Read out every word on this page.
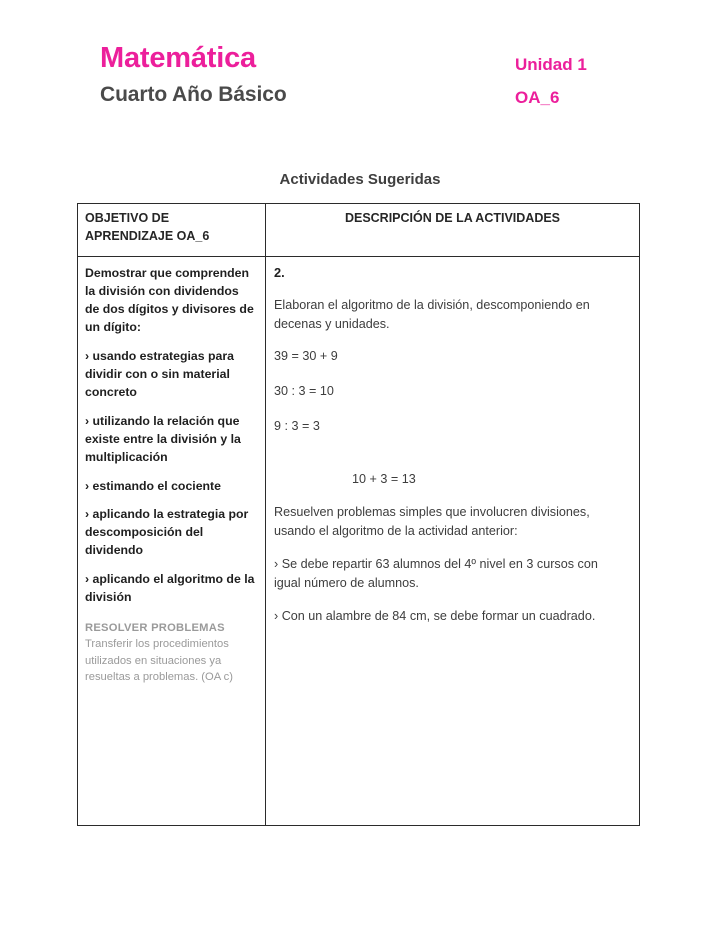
Matemática
Cuarto Año Básico
Unidad 1
OA_6
Actividades Sugeridas
OBJETIVO DE APRENDIZAJE OA_6
DESCRIPCIÓN DE LA ACTIVIDADES
Demostrar que comprenden la división con dividendos de dos dígitos y divisores de un dígito:
› usando estrategias para dividir con o sin material concreto
› utilizando la relación que existe entre la división y la multiplicación
› estimando el cociente
› aplicando la estrategia por descomposición del dividendo
› aplicando el algoritmo de la división
RESOLVER PROBLEMAS
Transferir los procedimientos utilizados en situaciones ya resueltas a problemas. (OA c)
2.
Elaboran el algoritmo de la división, descomponiendo en decenas y unidades.
39 = 30 + 9
30 : 3 = 10
9 : 3 = 3
10 + 3 = 13
Resuelven problemas simples que involucren divisiones, usando el algoritmo de la actividad anterior:
› Se debe repartir 63 alumnos del 4º nivel en 3 cursos con igual número de alumnos.
› Con un alambre de 84 cm, se debe formar un cuadrado.
